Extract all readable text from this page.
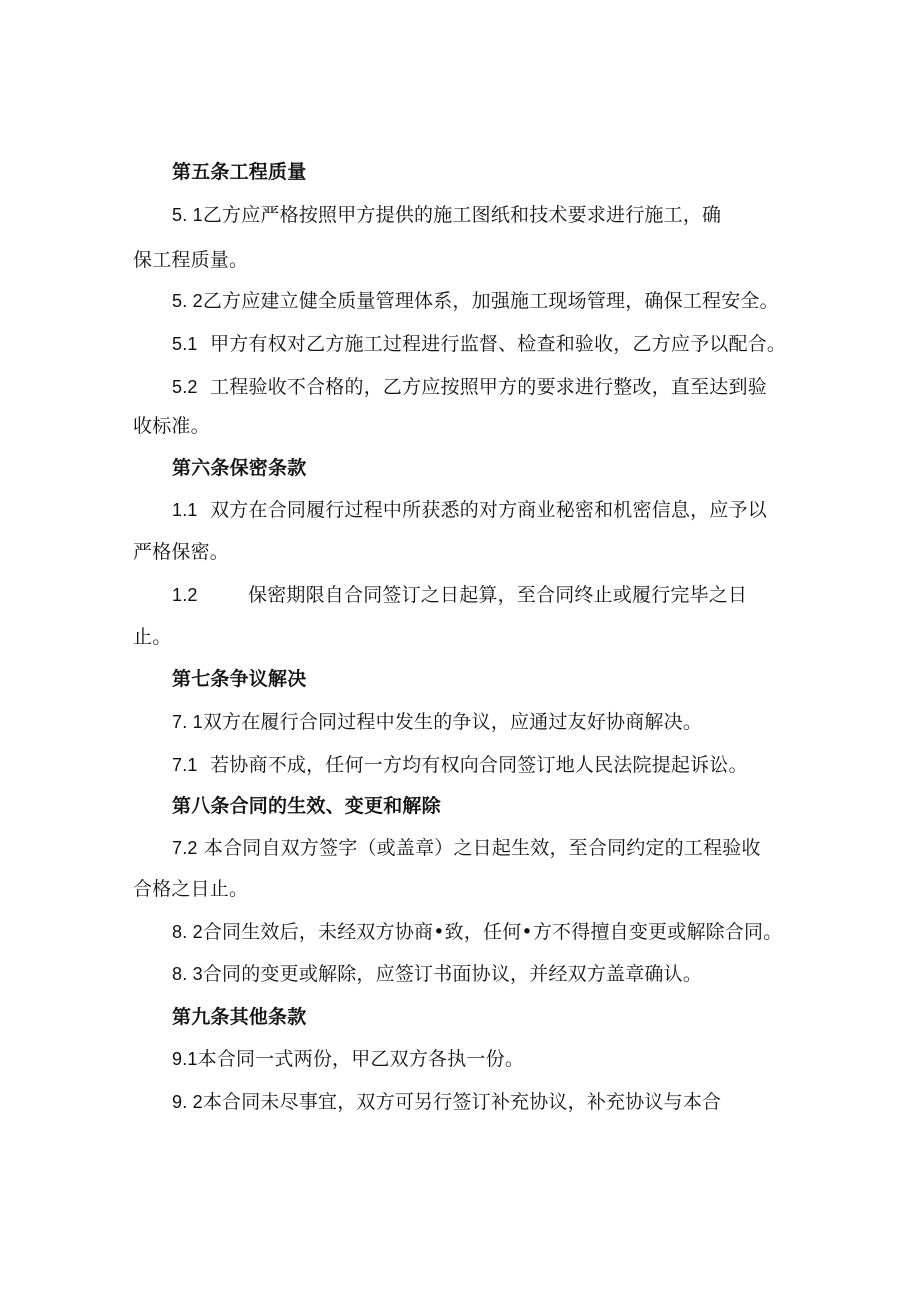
第五条工程质量
5. 1乙方应严格按照甲方提供的施工图纸和技术要求进行施工，确
保工程质量。
5. 2乙方应建立健全质量管理体系，加强施工现场管理，确保工程安全。
5.1 甲方有权对乙方施工过程进行监督、检查和验收，乙方应予以配合。
5.2 工程验收不合格的，乙方应按照甲方的要求进行整改，直至达到验
收标准。
第六条保密条款
1.1 双方在合同履行过程中所获悉的对方商业秘密和机密信息，应予以
严格保密。
1.2	保密期限自合同签订之日起算，至合同终止或履行完毕之日
止。
第七条争议解决
7. 1双方在履行合同过程中发生的争议，应通过友好协商解决。
7.1 若协商不成，任何一方均有权向合同签订地人民法院提起诉讼。
第八条合同的生效、变更和解除
7.2 本合同自双方签字（或盖章）之日起生效，至合同约定的工程验收
合格之日止。
8. 2合同生效后，未经双方协商•致，任何•方不得擅自变更或解除合同。
8. 3合同的变更或解除，应签订书面协议，并经双方盖章确认。
第九条其他条款
9.1本合同一式两份，甲乙双方各执一份。
9. 2本合同未尽事宜，双方可另行签订补充协议，补充协议与本合
